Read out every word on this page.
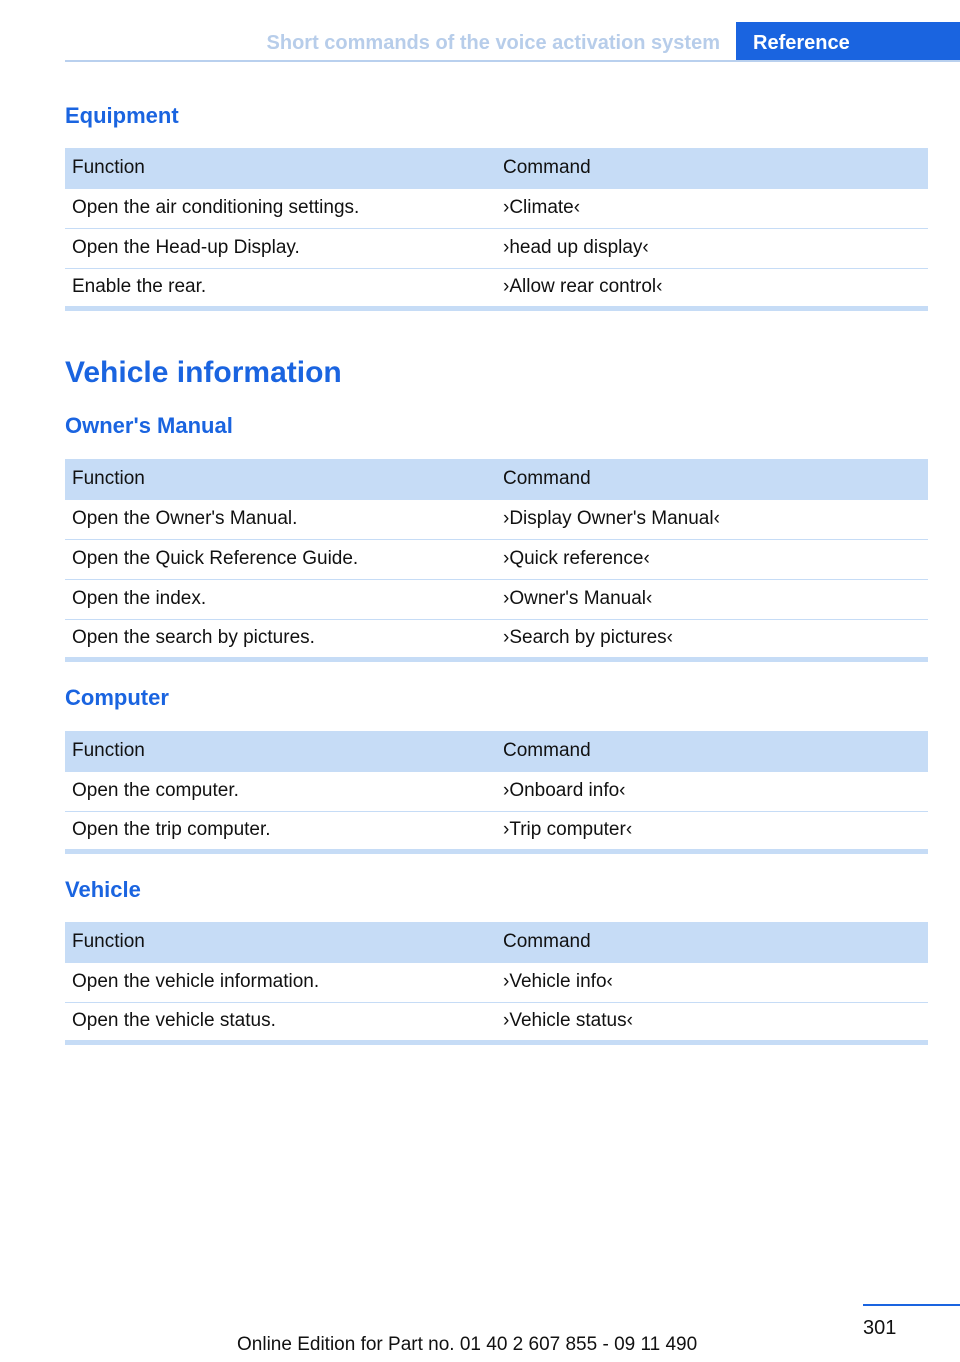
Short commands of the voice activation system	Reference
Equipment
Function	Command
Open the air conditioning settings.	›Climate‹
Open the Head-up Display.	›head up display‹
Enable the rear.	›Allow rear control‹
Vehicle information
Owner's Manual
Function	Command
Open the Owner's Manual.	›Display Owner's Manual‹
Open the Quick Reference Guide.	›Quick reference‹
Open the index.	›Owner's Manual‹
Open the search by pictures.	›Search by pictures‹
Computer
Function	Command
Open the computer.	›Onboard info‹
Open the trip computer.	›Trip computer‹
Vehicle
Function	Command
Open the vehicle information.	›Vehicle info‹
Open the vehicle status.	›Vehicle status‹
301
Online Edition for Part no. 01 40 2 607 855 - 09 11 490
